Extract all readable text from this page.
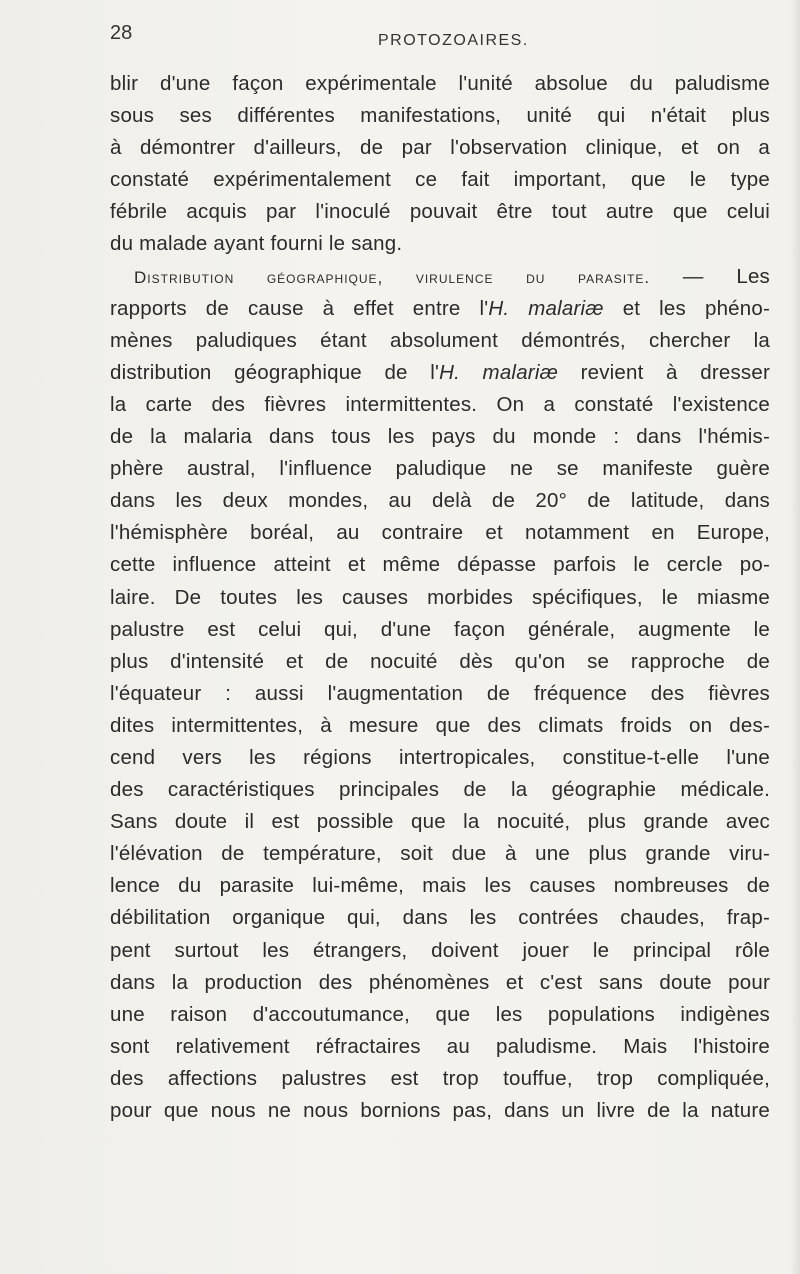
28	PROTOZOAIRES.
blir d'une façon expérimentale l'unité absolue du paludisme
sous ses différentes manifestations, unité qui n'était plus
à démontrer d'ailleurs, de par l'observation clinique, et on a
constaté expérimentalement ce fait important, que le type
fébrile acquis par l'inoculé pouvait être tout autre que celui
du malade ayant fourni le sang.
Distribution géographique, virulence du parasite. — Les
rapports de cause à effet entre l'H. malariæ et les phéno-
mènes paludiques étant absolument démontrés, chercher la
distribution géographique de l'H. malariæ revient à dresser
la carte des fièvres intermittentes. On a constaté l'existence
de la malaria dans tous les pays du monde : dans l'hémis-
phère austral, l'influence paludique ne se manifeste guère
dans les deux mondes, au delà de 20° de latitude, dans
l'hémisphère boréal, au contraire et notamment en Europe,
cette influence atteint et même dépasse parfois le cercle po-
laire. De toutes les causes morbides spécifiques, le miasme
palustre est celui qui, d'une façon générale, augmente le
plus d'intensité et de nocuité dès qu'on se rapproche de
l'équateur : aussi l'augmentation de fréquence des fièvres
dites intermittentes, à mesure que des climats froids on des-
cend vers les régions intertropicales, constitue-t-elle l'une
des caractéristiques principales de la géographie médicale.
Sans doute il est possible que la nocuité, plus grande avec
l'élévation de température, soit due à une plus grande viru-
lence du parasite lui-même, mais les causes nombreuses de
débilitation organique qui, dans les contrées chaudes, frap-
pent surtout les étrangers, doivent jouer le principal rôle
dans la production des phénomènes et c'est sans doute pour
une raison d'accoutumance, que les populations indigènes
sont relativement réfractaires au paludisme. Mais l'histoire
des affections palustres est trop touffue, trop compliquée,
pour que nous ne nous bornions pas, dans un livre de la nature
